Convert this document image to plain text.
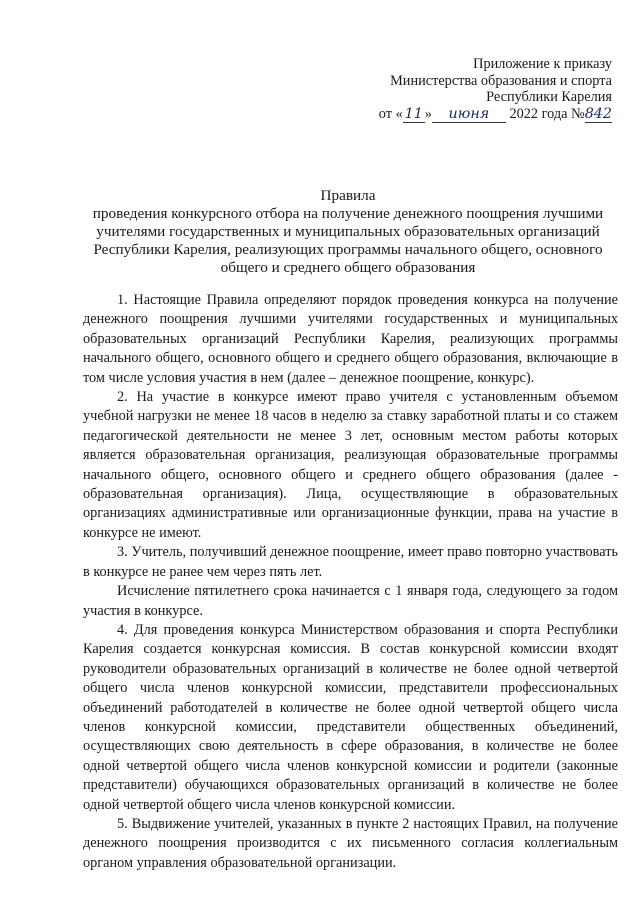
Приложение к приказу
Министерства образования и спорта
Республики Карелия
от « 11 » июня 2022 года №842
Правила
проведения конкурсного отбора на получение денежного поощрения лучшими
учителями государственных и муниципальных образовательных организаций
Республики Карелия, реализующих программы начального общего, основного
общего и среднего общего образования

1. Настоящие Правила определяют порядок проведения конкурса на получение денежного поощрения лучшими учителями государственных и муниципальных образовательных организаций Республики Карелия, реализующих программы начального общего, основного общего и среднего общего образования, включающие в том числе условия участия в нем (далее – денежное поощрение, конкурс).

2. На участие в конкурсе имеют право учителя с установленным объемом учебной нагрузки не менее 18 часов в неделю за ставку заработной платы и со стажем педагогической деятельности не менее 3 лет, основным местом работы которых является образовательная организация, реализующая образовательные программы начального общего, основного общего и среднего общего образования (далее - образовательная организация). Лица, осуществляющие в образовательных организациях административные или организационные функции, права на участие в конкурсе не имеют.

3. Учитель, получивший денежное поощрение, имеет право повторно участвовать в конкурсе не ранее чем через пять лет.

Исчисление пятилетнего срока начинается с 1 января года, следующего за годом участия в конкурсе.

4. Для проведения конкурса Министерством образования и спорта Республики Карелия создается конкурсная комиссия. В состав конкурсной комиссии входят руководители образовательных организаций в количестве не более одной четвертой общего числа членов конкурсной комиссии, представители профессиональных объединений работодателей в количестве не более одной четвертой общего числа членов конкурсной комиссии, представители общественных объединений, осуществляющих свою деятельность в сфере образования, в количестве не более одной четвертой общего числа членов конкурсной комиссии и родители (законные представители) обучающихся образовательных организаций в количестве не более одной четвертой общего числа членов конкурсной комиссии.

5. Выдвижение учителей, указанных в пункте 2 настоящих Правил, на получение денежного поощрения производится с их письменного согласия коллегиальным органом управления образовательной организации.
